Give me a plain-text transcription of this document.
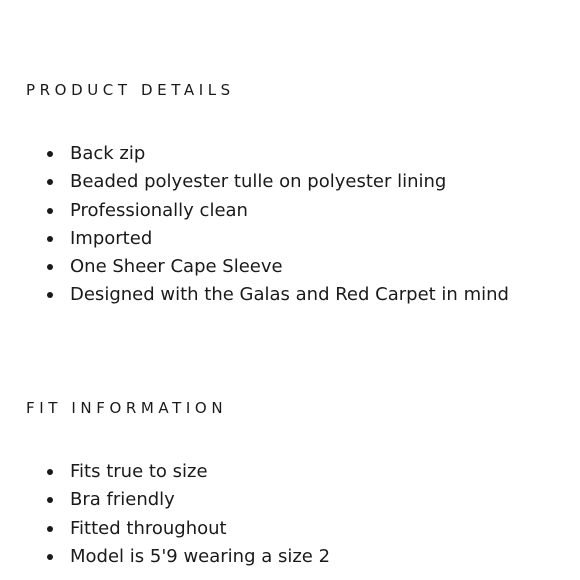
PRODUCT DETAILS
Back zip
Beaded polyester tulle on polyester lining
Professionally clean
Imported
One Sheer Cape Sleeve
Designed with the Galas and Red Carpet in mind
FIT INFORMATION
Fits true to size
Bra friendly
Fitted throughout
Model is 5'9 wearing a size 2
